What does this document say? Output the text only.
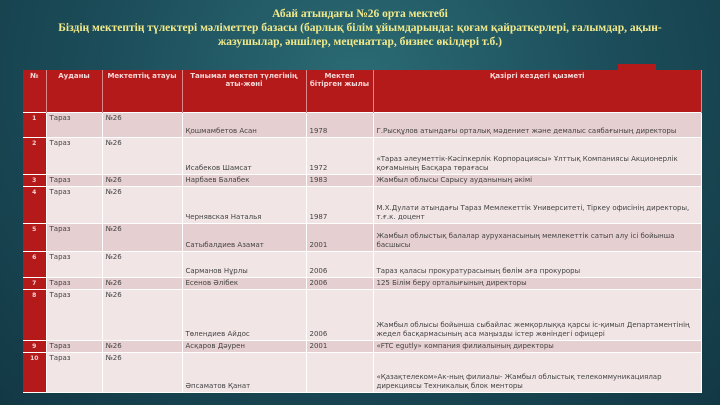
Абай атындағы №26 орта мектебі
Біздің мектептің түлектері мәліметтер базасы (барлық білім ұйымдарында: қоғам қайраткерлері, ғалымдар, ақын-жазушылар, әншілер, меценаттар, бизнес өкілдері т.б.)
№	Ауданы	Мектептің атауы	Танымал мектеп түлегінің аты-жөні	Мектеп бітірген жылы	Қазіргі кездегі қызметі
1	Тараз	№26	Қошмамбетов Асан	1978	Г.Рысқұлов атындағы орталық мәдениет және демалыс саябағының директоры
2	Тараз	№26	Исабеков Шамсат	1972	«Тараз әлеуметтік-Кәсіпкерлік Корпорациясы» Ұлттық Компаниясы Акционерлік қоғамының Басқара төрағасы
3	Тараз	№26	Нарбаев Балабек	1983	Жамбыл облысы Сарысу ауданының әкімі
4	Тараз	№26	Чернявская Наталья	1987	М.Х.Дулати атындағы Тараз Мемлекеттік Университеті, Тіркеу офисінің директоры, т.ғ.к. доцент
5	Тараз	№26	Сатыбалдиев Азамат	2001	Жамбыл облыстық балалар ауруханасының мемлекеттік сатып алу ісі бойынша басшысы
6	Тараз	№26	Сарманов Нұрлы	2006	Тараз қаласы прокуратурасының бөлім аға прокуроры
7	Тараз	№26	Есенов Әлібек	2006	125 Білім беру орталығының директоры
8	Тараз	№26	Төлендиев Айдос	2006	Жамбыл облысы бойынша сыбайлас жемқорлыққа қарсы іс-қимыл Департаментінің жедел басқармасының аса маңызды істер жөніндегі офицері
9	Тараз	№26	Асқаров Дәурен	2001	«FTC egutly» компания филиалының директоры
10	Тараз	№26	Әпсаматов Қанат		«Қазақтелеком»Ак-ның филиалы- Жамбыл облыстық телекоммуникациялар дирекциясы Техникалық блок менторы
